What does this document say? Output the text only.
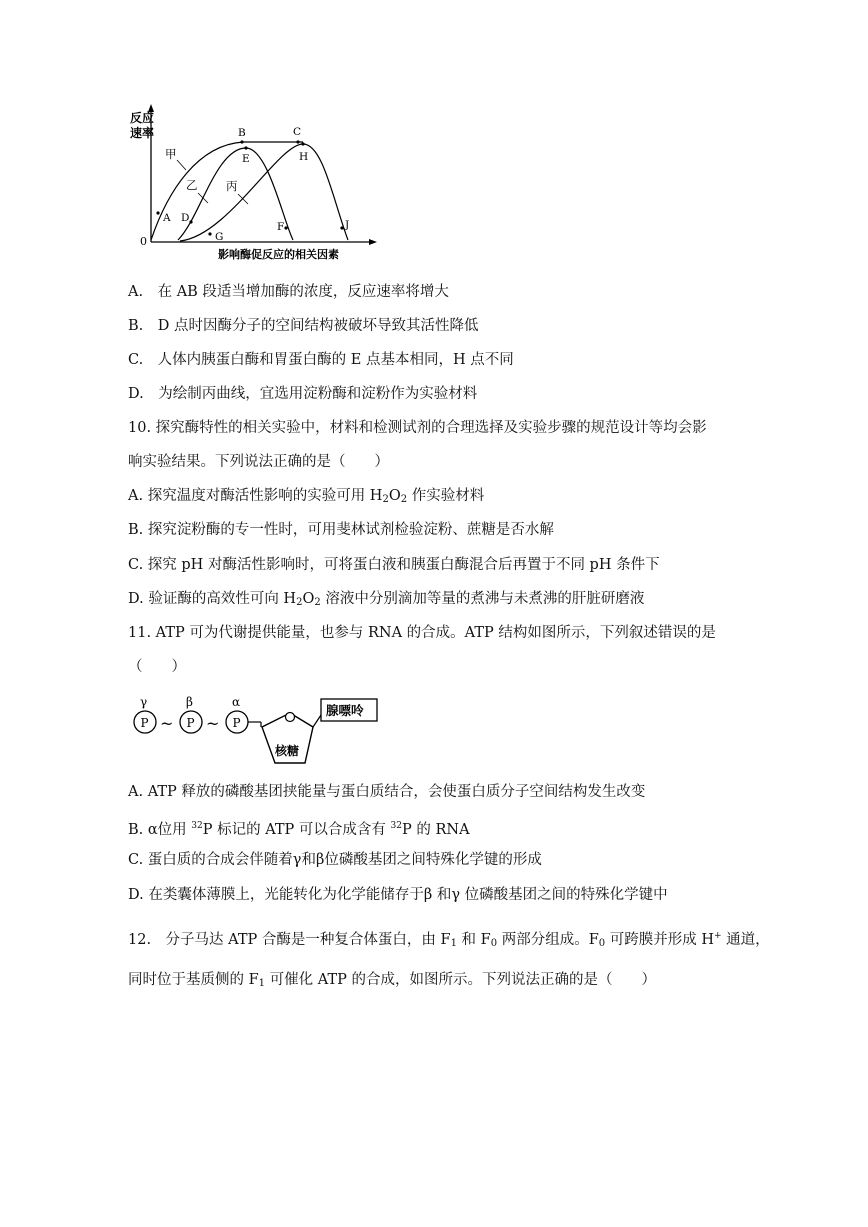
反应
速率
0
影响酶促反应的相关因素
甲
乙 丙
A
B	C
D
E
F
G
H
J
A.　在 AB 段适当增加酶的浓度，反应速率将增大
B.　D 点时因酶分子的空间结构被破坏导致其活性降低
C.　人体内胰蛋白酶和胃蛋白酶的 E 点基本相同，H 点不同
D.　为绘制丙曲线，宜选用淀粉酶和淀粉作为实验材料
10. 探究酶特性的相关实验中，材料和检测试剂的合理选择及实验步骤的规范设计等均会影
响实验结果。下列说法正确的是（　　）
A. 探究温度对酶活性影响的实验可用 $H_2O_2$ 作实验材料
B. 探究淀粉酶的专一性时，可用斐林试剂检验淀粉、蔗糖是否水解
C. 探究 pH 对酶活性影响时，可将蛋白液和胰蛋白酶混合后再置于不同 pH 条件下
D. 验证酶的高效性可向 $H_2O_2$ 溶液中分别滴加等量的煮沸与未煮沸的肝脏研磨液
11. ATP 可为代谢提供能量，也参与 RNA 的合成。ATP 结构如图所示，下列叙述错误的是
（　　）
γ	β	α
P	P	P
~ ~
核糖
腺嘌呤
A. ATP 释放的磷酸基团挟能量与蛋白质结合，会使蛋白质分子空间结构发生改变
B. α位用 $^{32}$P 标记的 ATP 可以合成含有 $^{32}$P 的 RNA
C. 蛋白质的合成会伴随着γ和β位磷酸基团之间特殊化学键的形成
D. 在类囊体薄膜上，光能转化为化学能储存于β 和γ 位磷酸基团之间的特殊化学键中
12.　分子马达 ATP 合酶是一种复合体蛋白，由 $F_1$ 和 $F_0$ 两部分组成。$F_0$ 可跨膜并形成 H+ 通道，
同时位于基质侧的 $F_1$ 可催化 ATP 的合成，如图所示。下列说法正确的是（　　）
